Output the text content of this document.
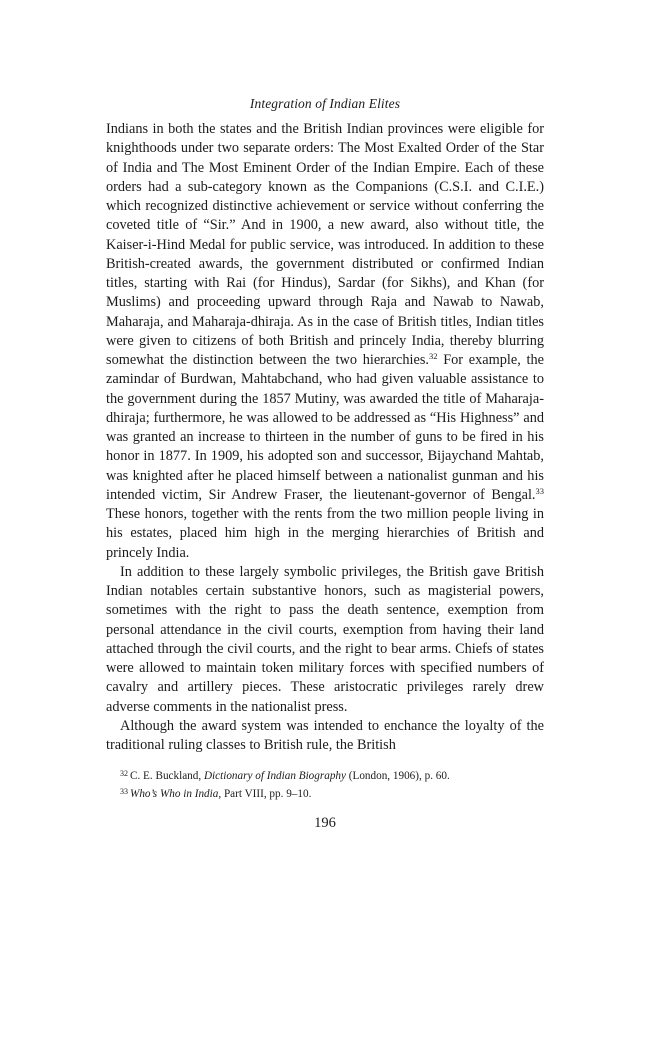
Integration of Indian Elites

Indians in both the states and the British Indian provinces were eligible for knighthoods under two separate orders: The Most Exalted Order of the Star of India and The Most Eminent Order of the Indian Empire. Each of these orders had a sub-category known as the Companions (C.S.I. and C.I.E.) which recognized distinctive achievement or service without conferring the coveted title of “Sir.” And in 1900, a new award, also without title, the Kaiser-i-Hind Medal for public service, was introduced. In addition to these British-created awards, the government distributed or confirmed Indian titles, starting with Rai (for Hindus), Sardar (for Sikhs), and Khan (for Muslims) and proceeding upward through Raja and Nawab to Nawab, Maharaja, and Maharaja-dhiraja. As in the case of British titles, Indian titles were given to citizens of both British and princely India, thereby blurring somewhat the distinction between the two hierarchies.$^{32}$ For example, the zamindar of Burdwan, Mahtabchand, who had given valuable assistance to the government during the 1857 Mutiny, was awarded the title of Maharaja-dhiraja; furthermore, he was allowed to be addressed as “His Highness” and was granted an increase to thirteen in the number of guns to be fired in his honor in 1877. In 1909, his adopted son and successor, Bijaychand Mahtab, was knighted after he placed himself between a nationalist gunman and his intended victim, Sir Andrew Fraser, the lieutenant-governor of Bengal.$^{33}$ These honors, together with the rents from the two million people living in his estates, placed him high in the merging hierarchies of British and princely India.

In addition to these largely symbolic privileges, the British gave British Indian notables certain substantive honors, such as magisterial powers, sometimes with the right to pass the death sentence, exemption from personal attendance in the civil courts, exemption from having their land attached through the civil courts, and the right to bear arms. Chiefs of states were allowed to maintain token military forces with specified numbers of cavalry and artillery pieces. These aristocratic privileges rarely drew adverse comments in the nationalist press.

Although the award system was intended to enchance the loyalty of the traditional ruling classes to British rule, the British

$^{32}$ C. E. Buckland, Dictionary of Indian Biography (London, 1906), p. 60.
$^{33}$ Who’s Who in India, Part VIII, pp. 9–10.
196
